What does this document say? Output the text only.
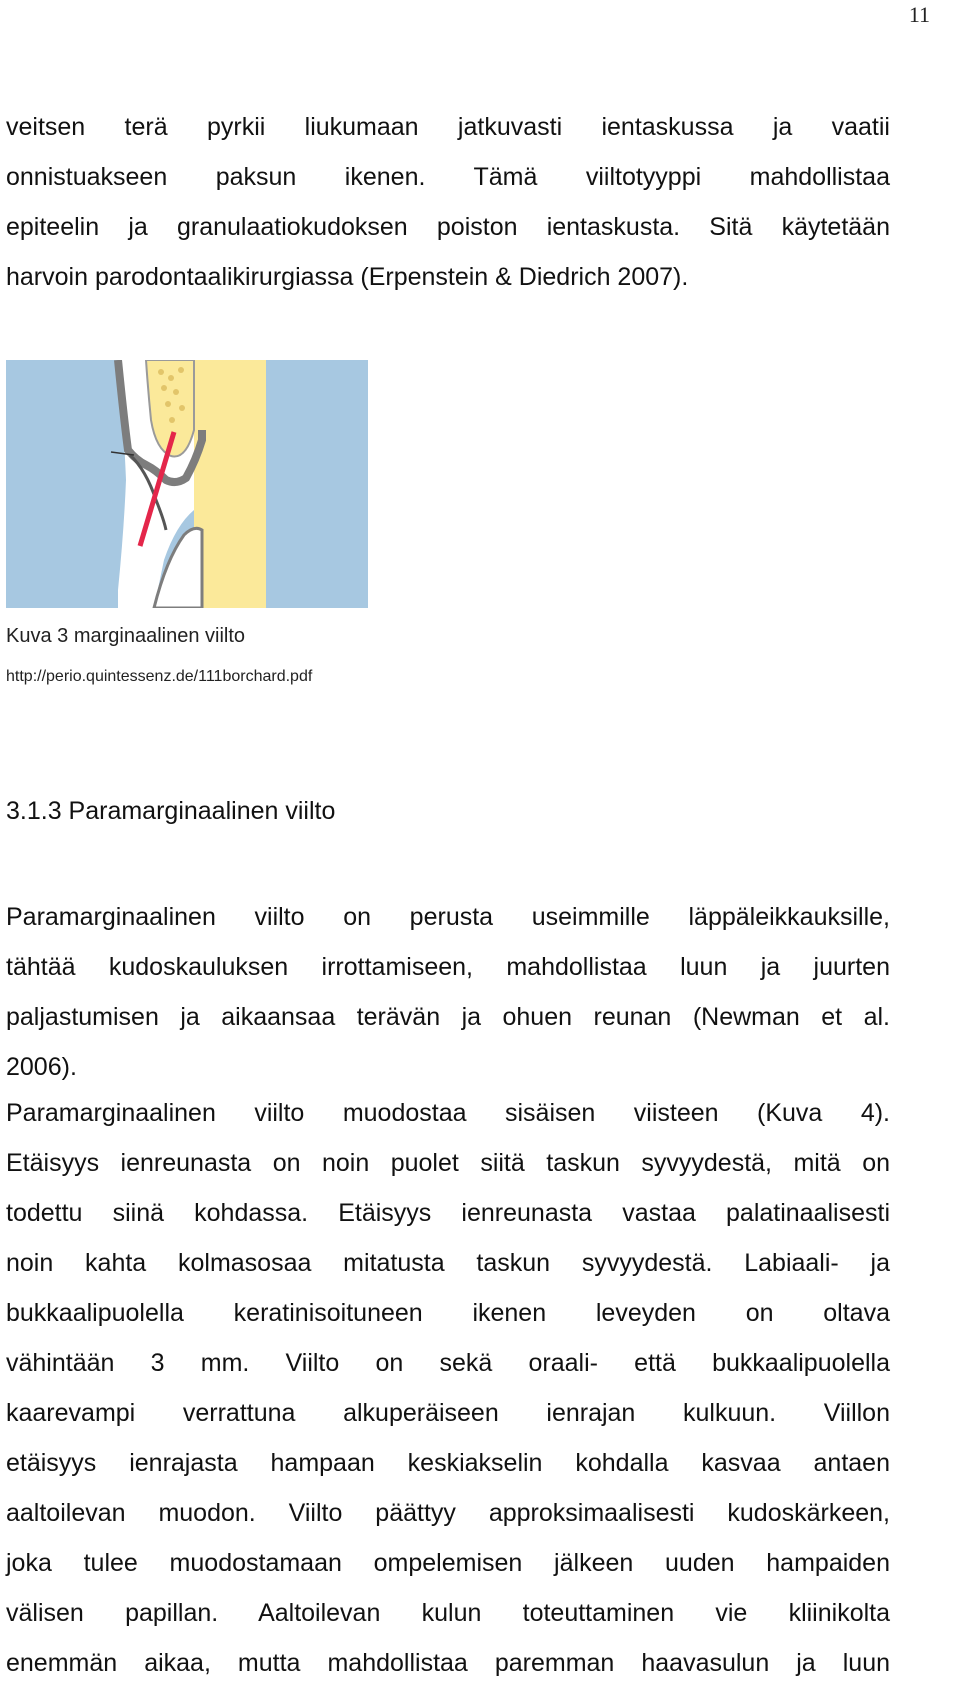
11
veitsen terä pyrkii liukumaan jatkuvasti ientaskussa ja vaatii
onnistuakseen paksun ikenen. Tämä viiltotyyppi mahdollistaa
epiteelin ja granulaatiokudoksen poiston ientaskusta. Sitä käytetään
harvoin parodontaalikirurgiassa (Erpenstein & Diedrich 2007).
Kuva 3 marginaalinen viilto
http://perio.quintessenz.de/111borchard.pdf
3.1.3 Paramarginaalinen viilto
Paramarginaalinen viilto on perusta useimmille läppäleikkauksille,
tähtää kudoskauluksen irrottamiseen, mahdollistaa luun ja juurten
paljastumisen ja aikaansaa terävän ja ohuen reunan (Newman et al.
2006).
Paramarginaalinen viilto muodostaa sisäisen viisteen (Kuva 4).
Etäisyys ienreunasta on noin puolet siitä taskun syvyydestä, mitä on
todettu siinä kohdassa. Etäisyys ienreunasta vastaa palatinaalisesti
noin kahta kolmasosaa mitatusta taskun syvyydestä. Labiaali- ja
bukkaalipuolella keratinisoituneen ikenen leveyden on oltava
vähintään 3 mm. Viilto on sekä oraali- että bukkaalipuolella
kaarevampi verrattuna alkuperäiseen ienrajan kulkuun. Viillon
etäisyys ienrajasta hampaan keskiakselin kohdalla kasvaa antaen
aaltoilevan muodon. Viilto päättyy approksimaalisesti kudoskärkeen,
joka tulee muodostamaan ompelemisen jälkeen uuden hampaiden
välisen papillan. Aaltoilevan kulun toteuttaminen vie kliinikolta
enemmän aikaa, mutta mahdollistaa paremman haavasulun ja luun
